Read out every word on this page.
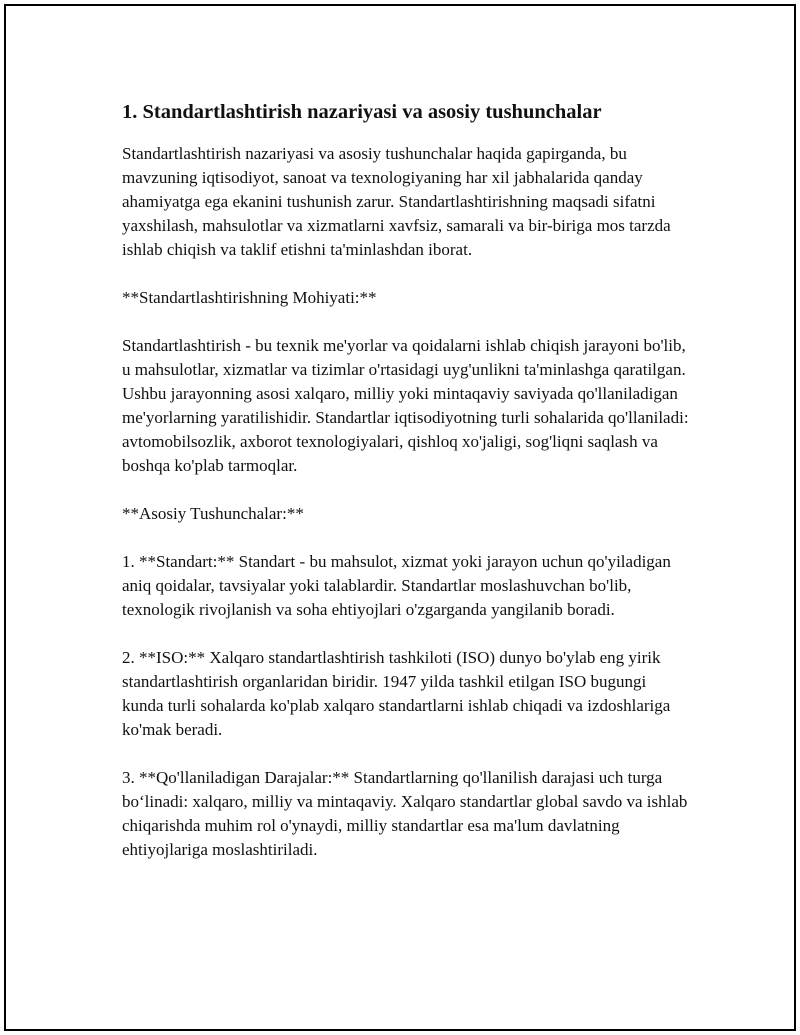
1. Standartlashtirish nazariyasi va asosiy tushunchalar

Standartlashtirish nazariyasi va asosiy tushunchalar haqida gapirganda, bu mavzuning iqtisodiyot, sanoat va texnologiyaning har xil jabhalarida qanday ahamiyatga ega ekanini tushunish zarur. Standartlashtirishning maqsadi sifatni yaxshilash, mahsulotlar va xizmatlarni xavfsiz, samarali va bir-biriga mos tarzda ishlab chiqish va taklif etishni ta'minlashdan iborat.

**Standartlashtirishning Mohiyati:**

Standartlashtirish - bu texnik me'yorlar va qoidalarni ishlab chiqish jarayoni bo'lib, u mahsulotlar, xizmatlar va tizimlar o'rtasidagi uyg'unlikni ta'minlashga qaratilgan. Ushbu jarayonning asosi xalqaro, milliy yoki mintaqaviy saviyada qo'llaniladigan me'yorlarning yaratilishidir. Standartlar iqtisodiyotning turli sohalarida qo'llaniladi: avtomobilsozlik, axborot texnologiyalari, qishloq xo'jaligi, sog'liqni saqlash va boshqa ko'plab tarmoqlar.

**Asosiy Tushunchalar:**

1. **Standart:** Standart - bu mahsulot, xizmat yoki jarayon uchun qo'yiladigan aniq qoidalar, tavsiyalar yoki talablardir. Standartlar moslashuvchan bo'lib, texnologik rivojlanish va soha ehtiyojlari o'zgarganda yangilanib boradi.

2. **ISO:** Xalqaro standartlashtirish tashkiloti (ISO) dunyo bo'ylab eng yirik standartlashtirish organlaridan biridir. 1947 yilda tashkil etilgan ISO bugungi kunda turli sohalarda ko'plab xalqaro standartlarni ishlab chiqadi va izdoshlariga ko'mak beradi.

3. **Qo'llaniladigan Darajalar:** Standartlarning qo'llanilish darajasi uch turga bo‘linadi: xalqaro, milliy va mintaqaviy. Xalqaro standartlar global savdo va ishlab chiqarishda muhim rol o'ynaydi, milliy standartlar esa ma'lum davlatning ehtiyojlariga moslashtiriladi.
